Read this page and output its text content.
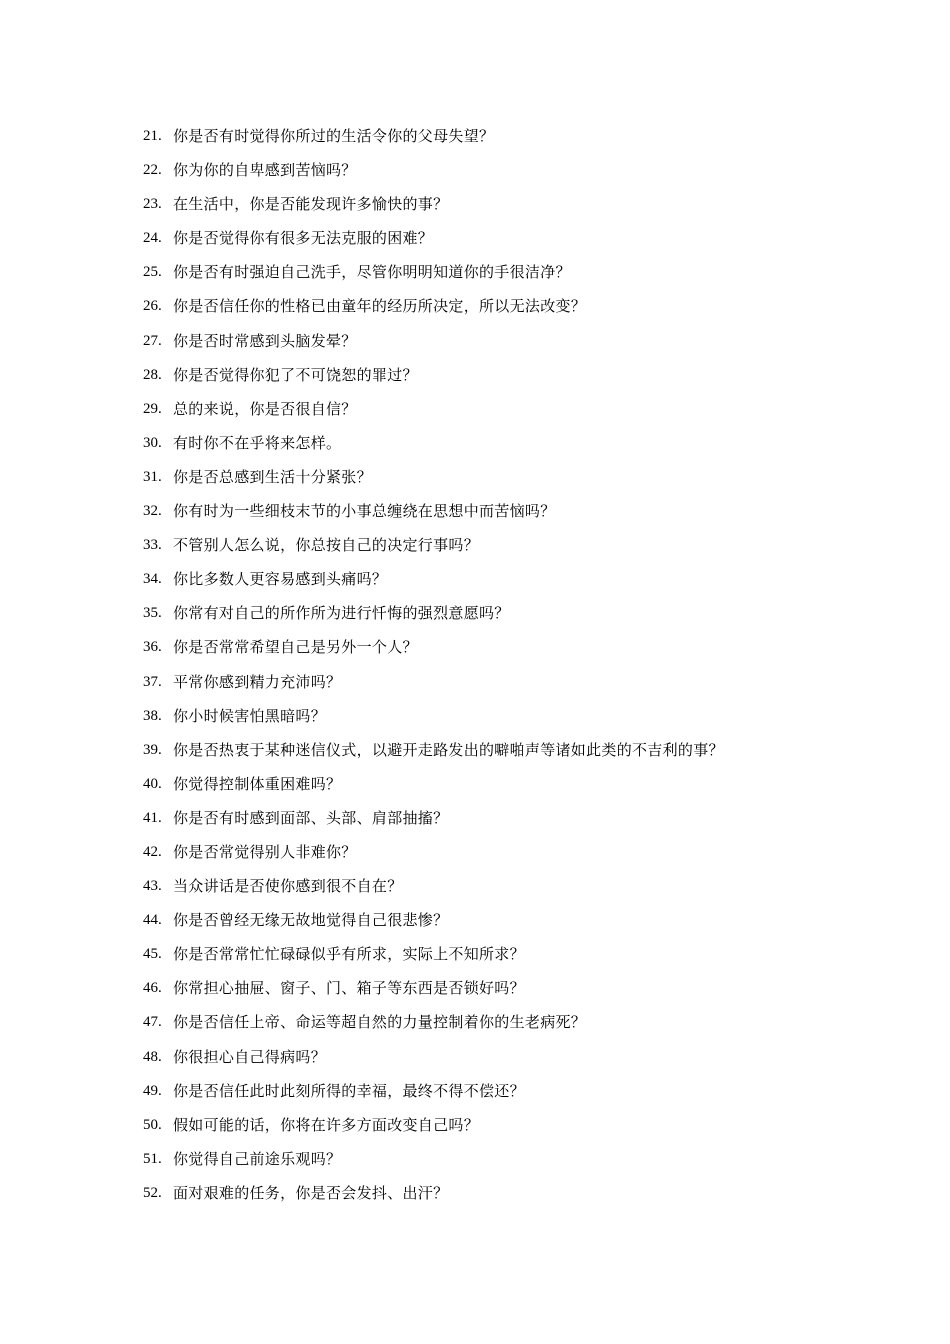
21. 你是否有时觉得你所过的生活令你的父母失望？
22. 你为你的自卑感到苦恼吗？
23. 在生活中，你是否能发现许多愉快的事？
24. 你是否觉得你有很多无法克服的困难？
25. 你是否有时强迫自己洗手，尽管你明明知道你的手很洁净？
26. 你是否信任你的性格已由童年的经历所决定，所以无法改变？
27. 你是否时常感到头脑发晕？
28. 你是否觉得你犯了不可饶恕的罪过？
29. 总的来说，你是否很自信？
30. 有时你不在乎将来怎样。
31. 你是否总感到生活十分紧张？
32. 你有时为一些细枝末节的小事总缠绕在思想中而苦恼吗？
33. 不管别人怎么说，你总按自己的决定行事吗？
34. 你比多数人更容易感到头痛吗？
35. 你常有对自己的所作所为进行忏悔的强烈意愿吗？
36. 你是否常常希望自己是另外一个人？
37. 平常你感到精力充沛吗？
38. 你小时候害怕黑暗吗？
39. 你是否热衷于某种迷信仪式，以避开走路发出的噼啪声等诸如此类的不吉利的事？
40. 你觉得控制体重困难吗？
41. 你是否有时感到面部、头部、肩部抽搐？
42. 你是否常觉得别人非难你？
43. 当众讲话是否使你感到很不自在？
44. 你是否曾经无缘无故地觉得自己很悲惨？
45. 你是否常常忙忙碌碌似乎有所求，实际上不知所求？
46. 你常担心抽屉、窗子、门、箱子等东西是否锁好吗？
47. 你是否信任上帝、命运等超自然的力量控制着你的生老病死？
48. 你很担心自己得病吗？
49. 你是否信任此时此刻所得的幸福，最终不得不偿还？
50. 假如可能的话，你将在许多方面改变自己吗？
51. 你觉得自己前途乐观吗？
52. 面对艰难的任务，你是否会发抖、出汗？
